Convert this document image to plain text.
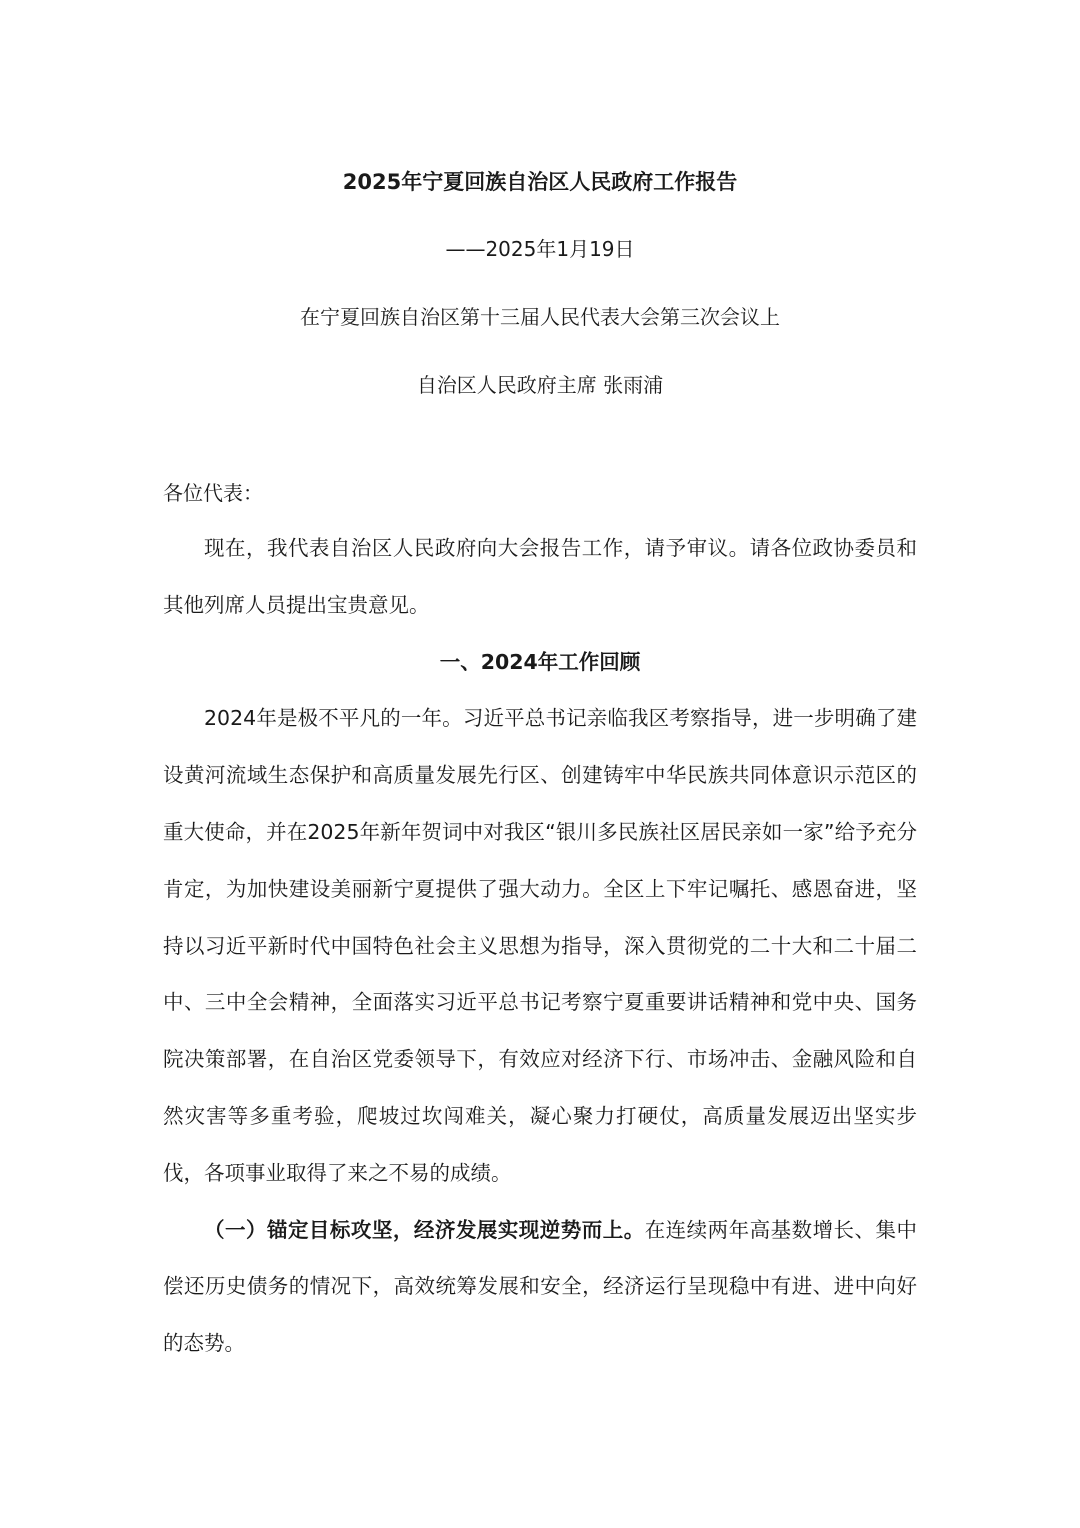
2025年宁夏回族自治区人民政府工作报告

——2025年1月19日

在宁夏回族自治区第十三届人民代表大会第三次会议上

自治区人民政府主席 张雨浦

各位代表：

现在，我代表自治区人民政府向大会报告工作，请予审议。请各位政协委员和其他列席人员提出宝贵意见。

一、2024年工作回顾

2024年是极不平凡的一年。习近平总书记亲临我区考察指导，进一步明确了建设黄河流域生态保护和高质量发展先行区、创建铸牢中华民族共同体意识示范区的重大使命，并在2025年新年贺词中对我区“银川多民族社区居民亲如一家”给予充分肯定，为加快建设美丽新宁夏提供了强大动力。全区上下牢记嘱托、感恩奋进，坚持以习近平新时代中国特色社会主义思想为指导，深入贯彻党的二十大和二十届二中、三中全会精神，全面落实习近平总书记考察宁夏重要讲话精神和党中央、国务院决策部署，在自治区党委领导下，有效应对经济下行、市场冲击、金融风险和自然灾害等多重考验，爬坡过坎闯难关，凝心聚力打硬仗，高质量发展迈出坚实步伐，各项事业取得了来之不易的成绩。

（一）锚定目标攻坚，经济发展实现逆势而上。在连续两年高基数增长、集中偿还历史债务的情况下，高效统筹发展和安全，经济运行呈现稳中有进、进中向好的态势。
